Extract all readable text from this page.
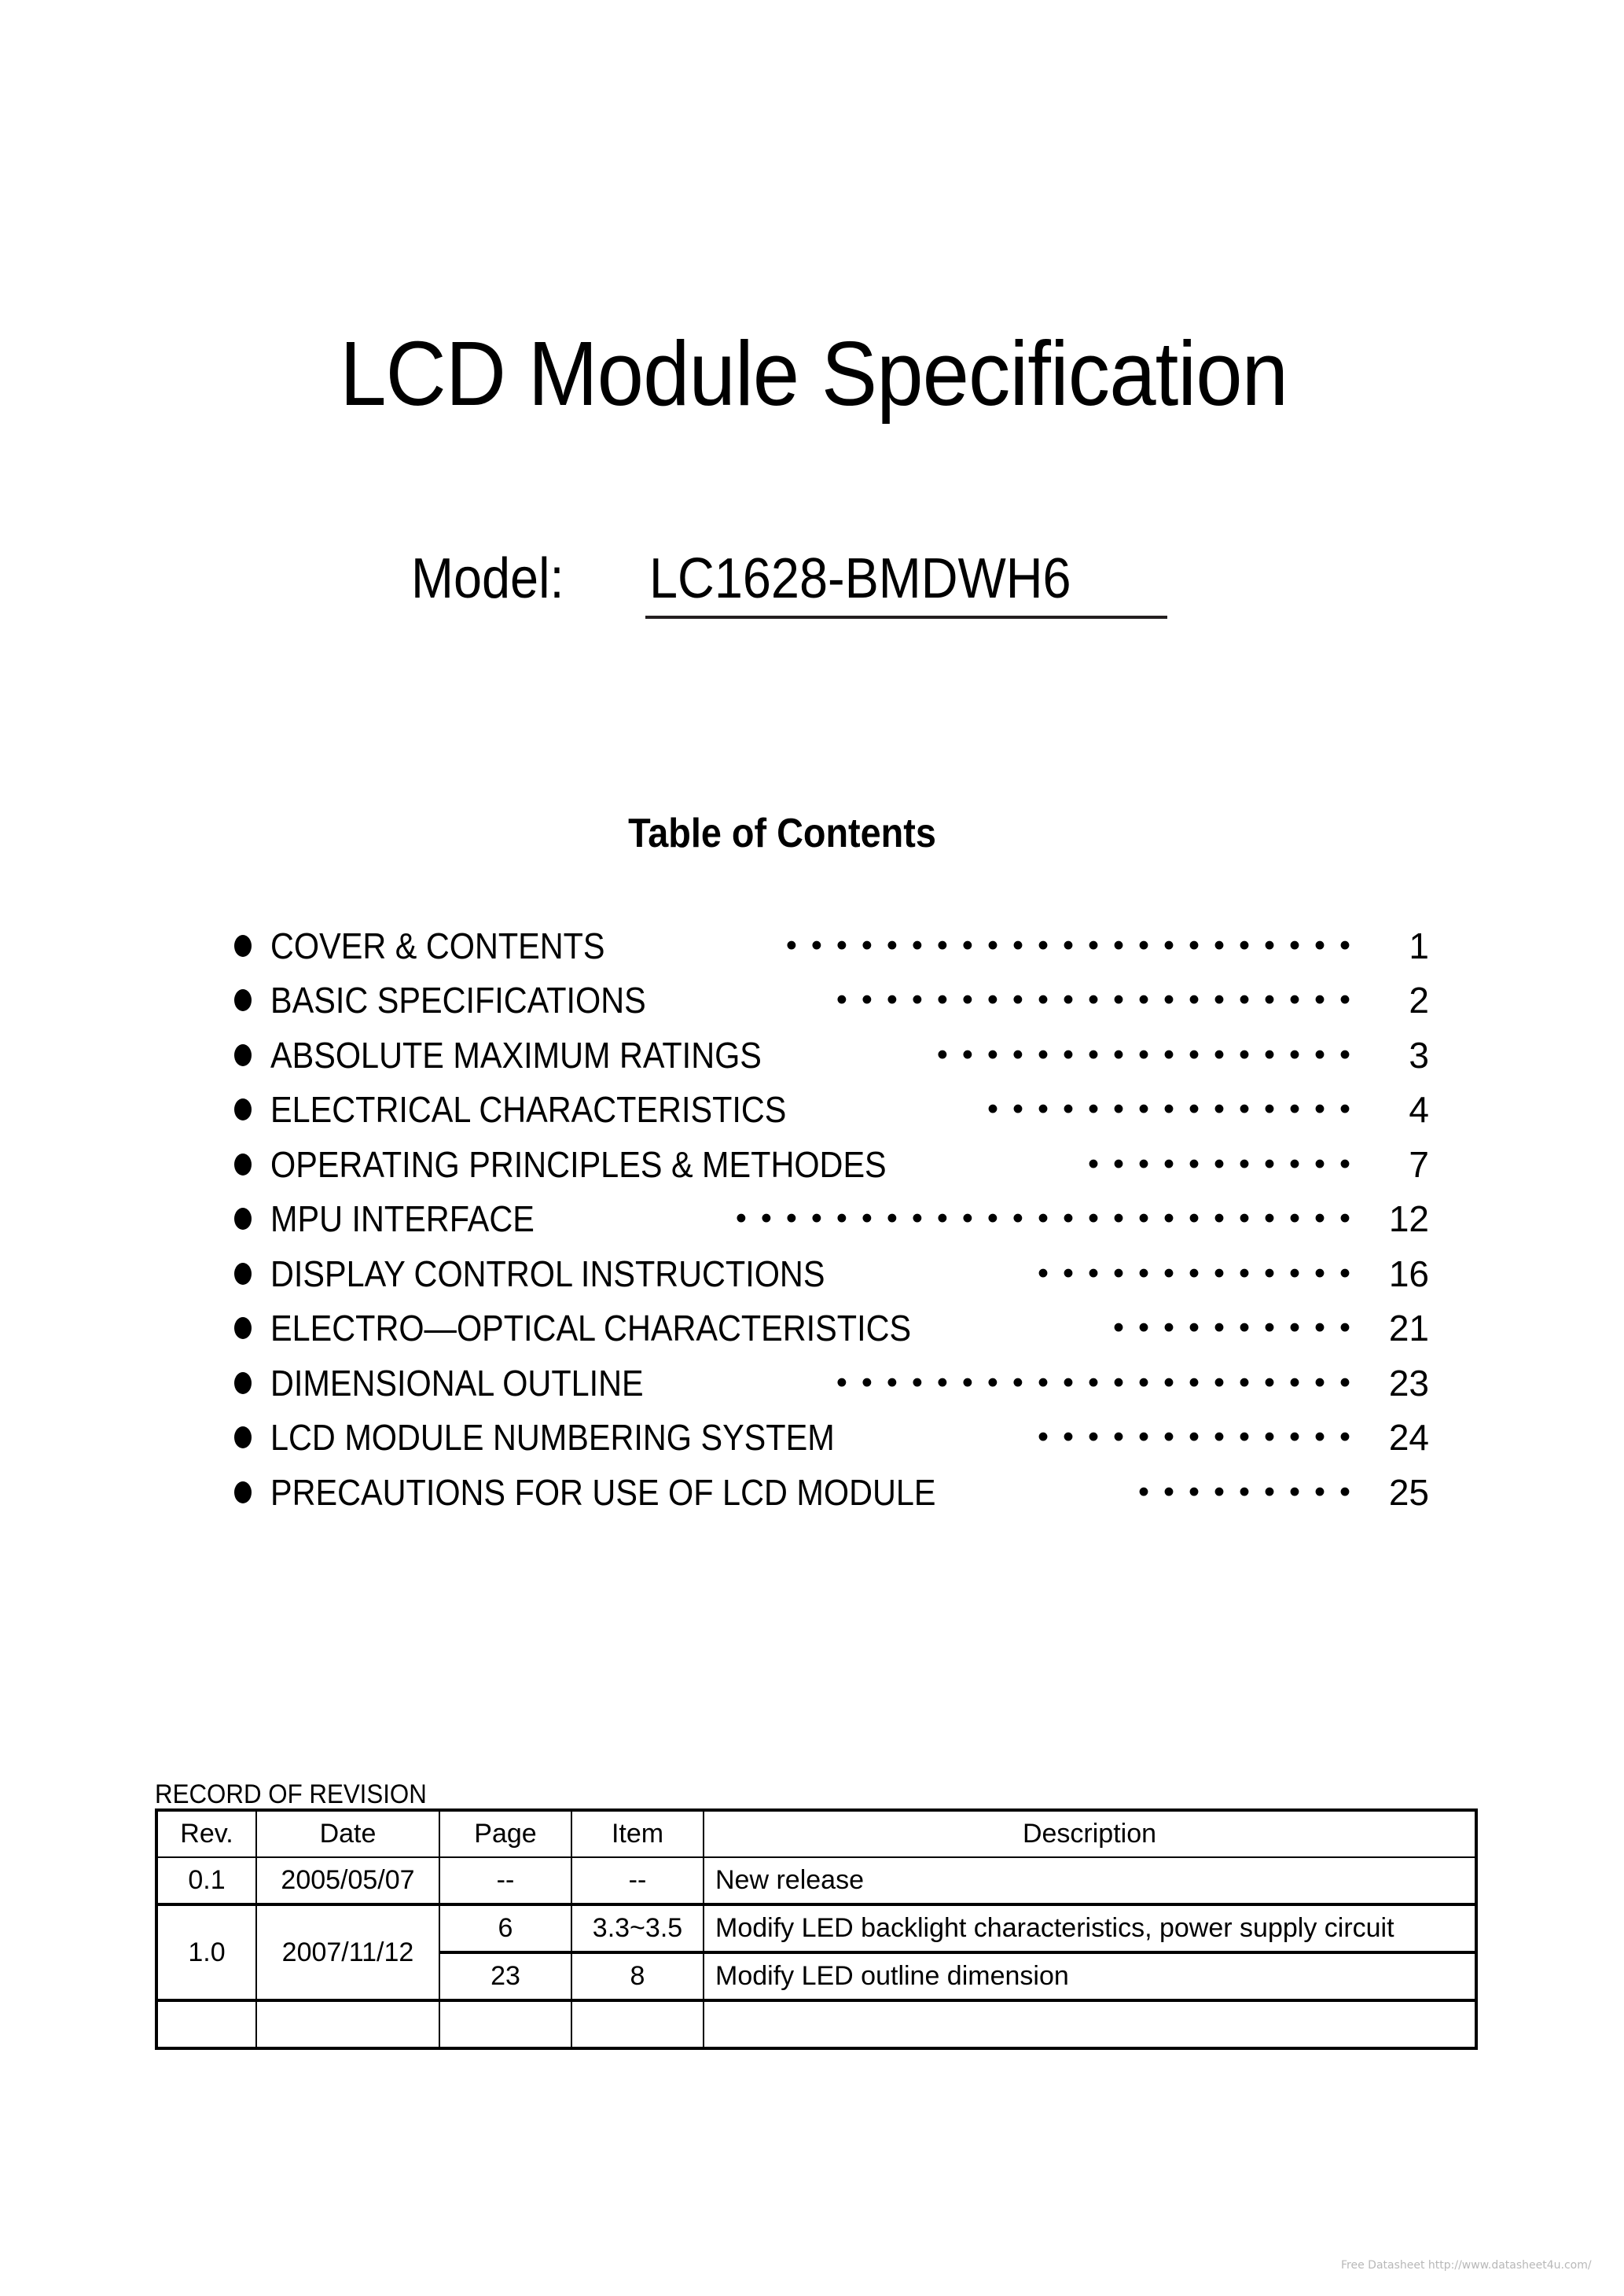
LCD Module Specification
Model: LC1628-BMDWH6
Table of Contents
COVER & CONTENTS	•••••••••••••••••••••••	1
BASIC SPECIFICATIONS	•••••••••••••••••••••	2
ABSOLUTE MAXIMUM RATINGS	•••••••••••••••••	3
ELECTRICAL CHARACTERISTICS	•••••••••••••••	4
OPERATING PRINCIPLES & METHODES	•••••••••••	7
MPU INTERFACE	••••••••••••••••••••••••• 12
DISPLAY CONTROL INSTRUCTIONS	••••••••••••• 16
ELECTRO—OPTICAL CHARACTERISTICS	•••••••••• 21
DIMENSIONAL OUTLINE	••••••••••••••••••••• 23
LCD MODULE NUMBERING SYSTEM	••••••••••••• 24
PRECAUTIONS FOR USE OF LCD MODULE	••••••••• 25
RECORD OF REVISION
Rev.	Date	Page	Item	Description
0.1	2005/05/07	--	--	New release
1.0	2007/11/12	6	3.3~3.5	Modify LED backlight characteristics, power supply circuit
		23	8	Modify LED outline dimension

Free Datasheet http://www.datasheet4u.com/
